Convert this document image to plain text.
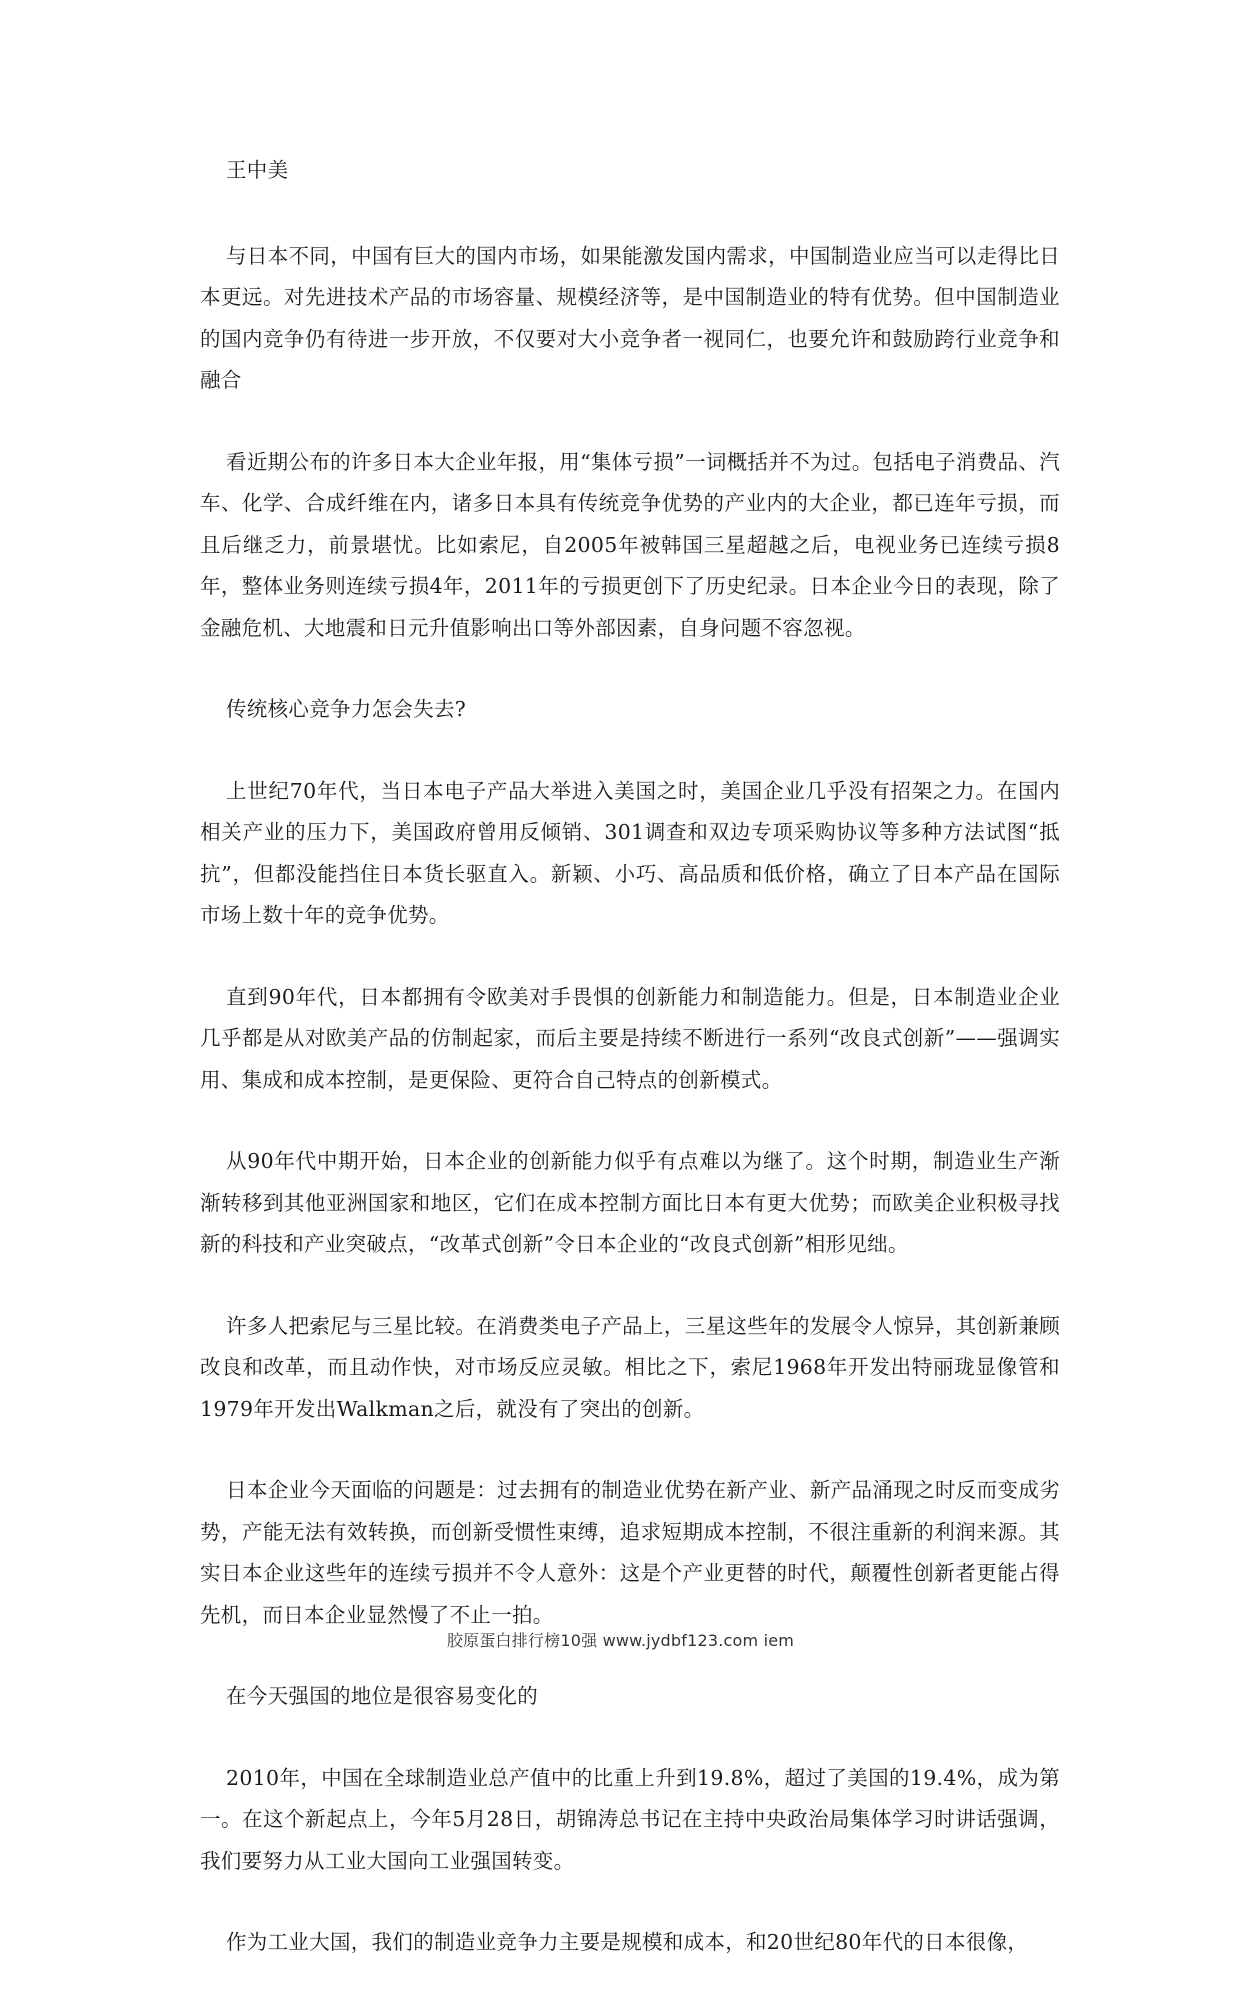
王中美

与日本不同，中国有巨大的国内市场，如果能激发国内需求，中国制造业应当可以走得比日本更远。对先进技术产品的市场容量、规模经济等，是中国制造业的特有优势。但中国制造业的国内竞争仍有待进一步开放，不仅要对大小竞争者一视同仁，也要允许和鼓励跨行业竞争和融合

看近期公布的许多日本大企业年报，用“集体亏损”一词概括并不为过。包括电子消费品、汽车、化学、合成纤维在内，诸多日本具有传统竞争优势的产业内的大企业，都已连年亏损，而且后继乏力，前景堪忧。比如索尼，自2005年被韩国三星超越之后，电视业务已连续亏损8年，整体业务则连续亏损4年，2011年的亏损更创下了历史纪录。日本企业今日的表现，除了金融危机、大地震和日元升值影响出口等外部因素，自身问题不容忽视。

传统核心竞争力怎会失去?

上世纪70年代，当日本电子产品大举进入美国之时，美国企业几乎没有招架之力。在国内相关产业的压力下，美国政府曾用反倾销、301调查和双边专项采购协议等多种方法试图“抵抗”，但都没能挡住日本货长驱直入。新颖、小巧、高品质和低价格，确立了日本产品在国际市场上数十年的竞争优势。

直到90年代，日本都拥有令欧美对手畏惧的创新能力和制造能力。但是，日本制造业企业几乎都是从对欧美产品的仿制起家，而后主要是持续不断进行一系列“改良式创新”——强调实用、集成和成本控制，是更保险、更符合自己特点的创新模式。

从90年代中期开始，日本企业的创新能力似乎有点难以为继了。这个时期，制造业生产渐渐转移到其他亚洲国家和地区，它们在成本控制方面比日本有更大优势；而欧美企业积极寻找新的科技和产业突破点，“改革式创新”令日本企业的“改良式创新”相形见绌。

许多人把索尼与三星比较。在消费类电子产品上，三星这些年的发展令人惊异，其创新兼顾改良和改革，而且动作快，对市场反应灵敏。相比之下，索尼1968年开发出特丽珑显像管和1979年开发出Walkman之后，就没有了突出的创新。

日本企业今天面临的问题是：过去拥有的制造业优势在新产业、新产品涌现之时反而变成劣势，产能无法有效转换，而创新受惯性束缚，追求短期成本控制，不很注重新的利润来源。其实日本企业这些年的连续亏损并不令人意外：这是个产业更替的时代，颠覆性创新者更能占得先机，而日本企业显然慢了不止一拍。

在今天强国的地位是很容易变化的

2010年，中国在全球制造业总产值中的比重上升到19.8%，超过了美国的19.4%，成为第一。在这个新起点上，今年5月28日，胡锦涛总书记在主持中央政治局集体学习时讲话强调，我们要努力从工业大国向工业强国转变。

作为工业大国，我们的制造业竞争力主要是规模和成本，和20世纪80年代的日本很像，

胶原蛋白排行榜10强 www.jydbf123.com iem
